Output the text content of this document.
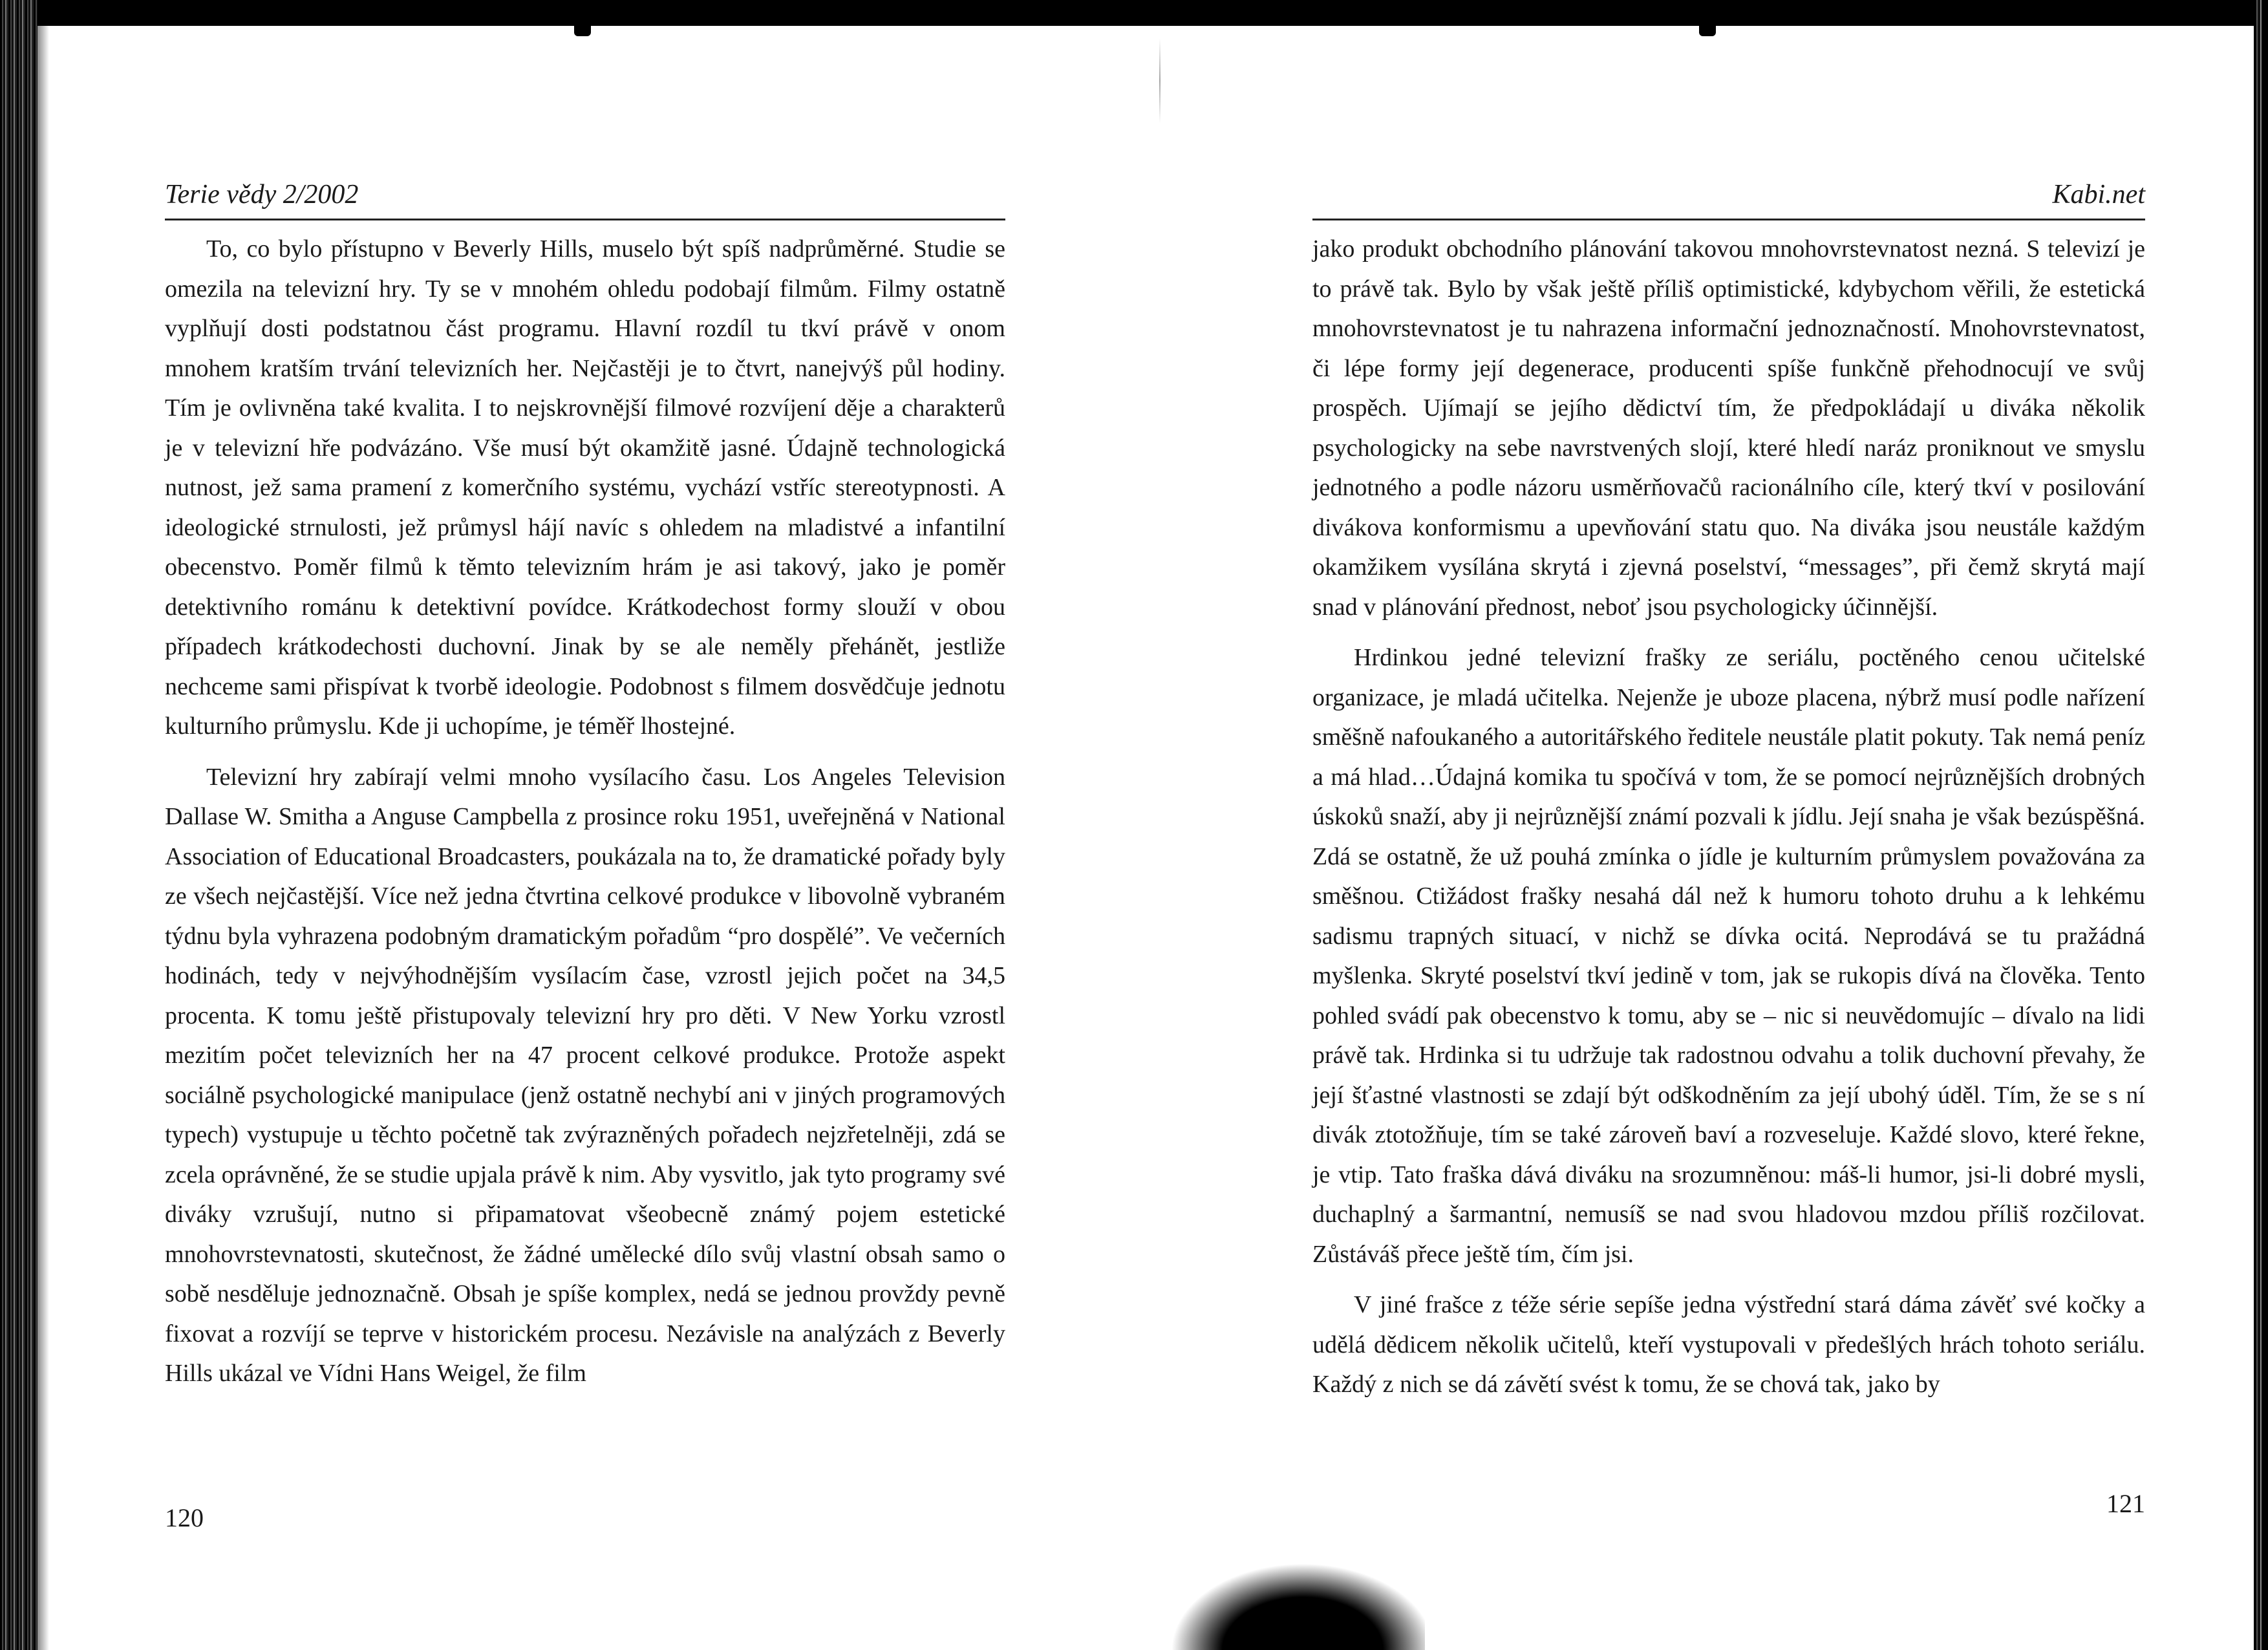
Terie vědy 2/2002

To, co bylo přístupno v Beverly Hills, muselo být spíš nadprůměrné. Studie se omezila na televizní hry. Ty se v mnohém ohledu podobají filmům. Filmy ostatně vyplňují dosti podstatnou část programu. Hlavní rozdíl tu tkví právě v onom mnohem kratším trvání televizních her. Nejčastěji je to čtvrt, nanejvýš půl hodiny. Tím je ovlivněna také kvalita. I to nejskrovnější filmové rozvíjení děje a charakterů je v televizní hře podvázáno. Vše musí být okamžitě jasné. Údajně technologická nutnost, jež sama pramení z komerčního systému, vychází vstříc stereotypnosti. A ideologické strnulosti, jež průmysl hájí navíc s ohledem na mladistvé a infantilní obecenstvo. Poměr filmů k těmto televizním hrám je asi takový, jako je poměr detektivního románu k detektivní povídce. Krátkodechost formy slouží v obou případech krátkodechosti duchovní. Jinak by se ale neměly přehánět, jestliže nechceme sami přispívat k tvorbě ideologie. Podobnost s filmem dosvědčuje jednotu kulturního průmyslu. Kde ji uchopíme, je téměř lhostejné.

Televizní hry zabírají velmi mnoho vysílacího času. Los Angeles Television Dallase W. Smitha a Anguse Campbella z prosince roku 1951, uveřejněná v National Association of Educational Broadcasters, poukázala na to, že dramatické pořady byly ze všech nejčastější. Více než jedna čtvrtina celkové produkce v libovolně vybraném týdnu byla vyhrazena podobným dramatickým pořadům “pro dospělé”. Ve večerních hodinách, tedy v nejvýhodnějším vysílacím čase, vzrostl jejich počet na 34,5 procenta. K tomu ještě přistupovaly televizní hry pro děti. V New Yorku vzrostl mezitím počet televizních her na 47 procent celkové produkce. Protože aspekt sociálně psychologické manipulace (jenž ostatně nechybí ani v jiných programových typech) vystupuje u těchto početně tak zvýrazněných pořadech nejzřetelněji, zdá se zcela oprávněné, že se studie upjala právě k nim. Aby vysvitlo, jak tyto programy své diváky vzrušují, nutno si připamatovat všeobecně známý pojem estetické mnohovrstevnatosti, skutečnost, že žádné umělecké dílo svůj vlastní obsah samo o sobě nesděluje jednoznačně. Obsah je spíše komplex, nedá se jednou provždy pevně fixovat a rozvíjí se teprve v historickém procesu. Nezávisle na analýzách z Beverly Hills ukázal ve Vídni Hans Weigel, že film

120
Kabi.net

jako produkt obchodního plánování takovou mnohovrstevnatost nezná. S televizí je to právě tak. Bylo by však ještě příliš optimistické, kdybychom věřili, že estetická mnohovrstevnatost je tu nahrazena informační jednoznačností. Mnohovrstevnatost, či lépe formy její degenerace, producenti spíše funkčně přehodnocují ve svůj prospěch. Ujímají se jejího dědictví tím, že předpokládají u diváka několik psychologicky na sebe navrstvených slojí, které hledí naráz proniknout ve smyslu jednotného a podle názoru usměrňovačů racionálního cíle, který tkví v posilování divákova konformismu a upevňování statu quo. Na diváka jsou neustále každým okamžikem vysílána skrytá i zjevná poselství, “messages”, při čemž skrytá mají snad v plánování přednost, neboť jsou psychologicky účinnější.

Hrdinkou jedné televizní frašky ze seriálu, poctěného cenou učitelské organizace, je mladá učitelka. Nejenže je uboze placena, nýbrž musí podle nařízení směšně nafoukaného a autoritářského ředitele neustále platit pokuty. Tak nemá peníz a má hlad…Údajná komika tu spočívá v tom, že se pomocí nejrůznějších drobných úskoků snaží, aby ji nejrůznější známí pozvali k jídlu. Její snaha je však bezúspěšná. Zdá se ostatně, že už pouhá zmínka o jídle je kulturním průmyslem považována za směšnou. Ctižádost frašky nesahá dál než k humoru tohoto druhu a k lehkému sadismu trapných situací, v nichž se dívka ocitá. Neprodává se tu pražádná myšlenka. Skryté poselství tkví jedině v tom, jak se rukopis dívá na člověka. Tento pohled svádí pak obecenstvo k tomu, aby se – nic si neuvědomujíc – dívalo na lidi právě tak. Hrdinka si tu udržuje tak radostnou odvahu a tolik duchovní převahy, že její šťastné vlastnosti se zdají být odškodněním za její ubohý úděl. Tím, že se s ní divák ztotožňuje, tím se také zároveň baví a rozveseluje. Každé slovo, které řekne, je vtip. Tato fraška dává diváku na srozumněnou: máš-li humor, jsi-li dobré mysli, duchaplný a šarmantní, nemusíš se nad svou hladovou mzdou příliš rozčilovat. Zůstáváš přece ještě tím, čím jsi.

V jiné frašce z téže série sepíše jedna výstřední stará dáma závěť své kočky a udělá dědicem několik učitelů, kteří vystupovali v předešlých hrách tohoto seriálu. Každý z nich se dá závětí svést k tomu, že se chová tak, jako by

121
